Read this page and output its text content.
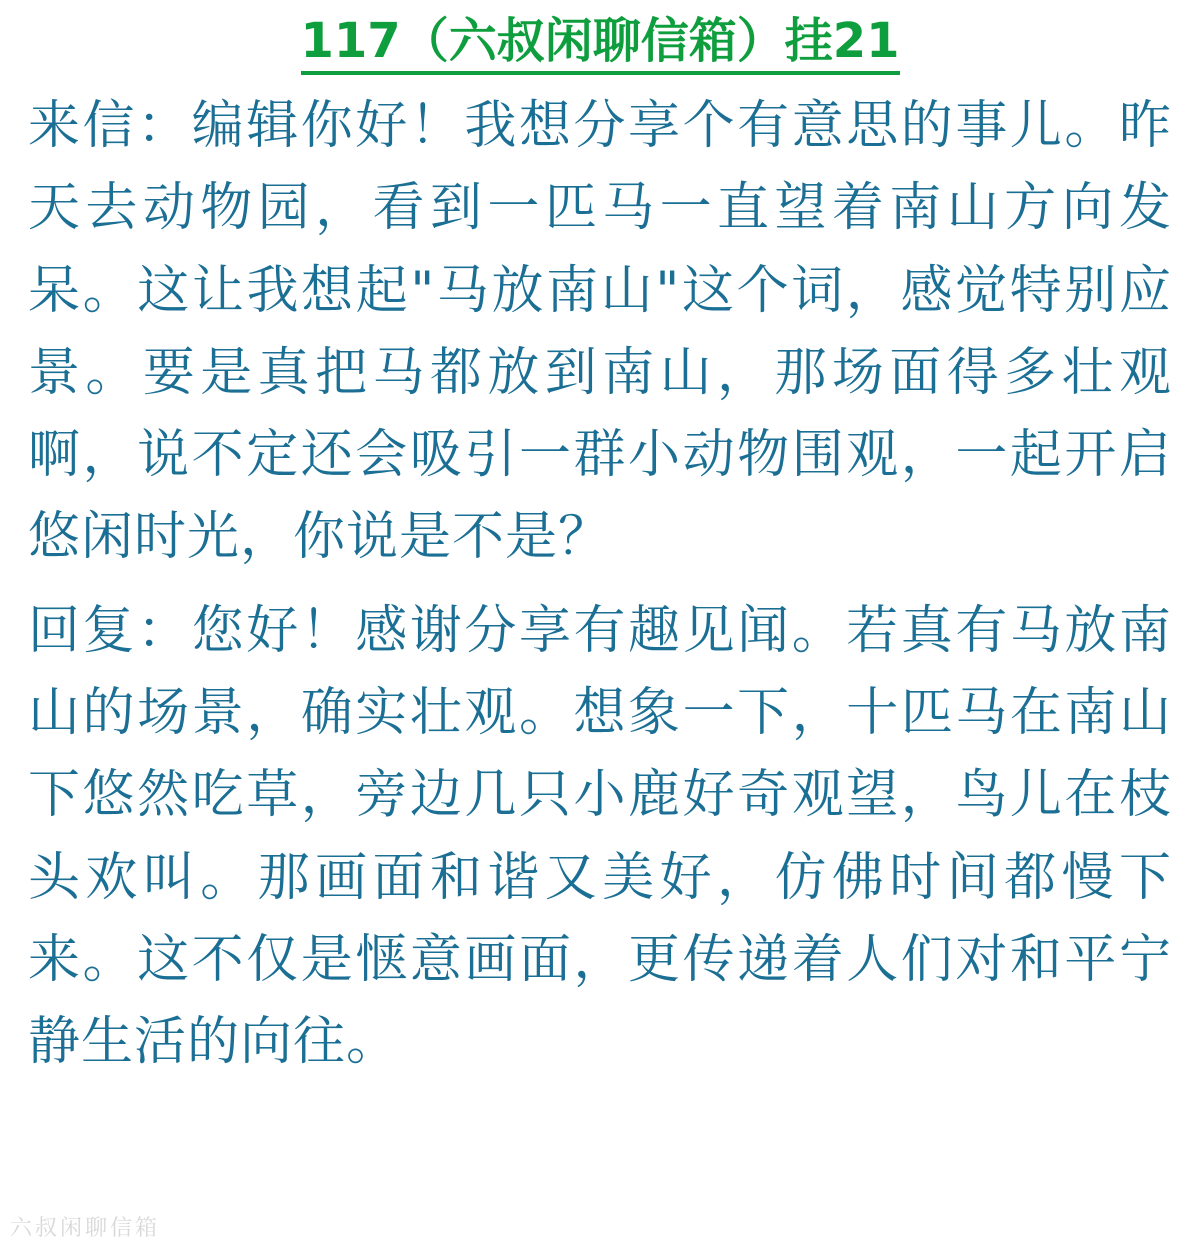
117（六叔闲聊信箱）挂21

来信：编辑你好！我想分享个有意思的事儿。昨天去动物园，看到一匹马一直望着南山方向发呆。这让我想起"马放南山"这个词，感觉特别应景。要是真把马都放到南山，那场面得多壮观啊，说不定还会吸引一群小动物围观，一起开启悠闲时光，你说是不是？

回复：您好！感谢分享有趣见闻。若真有马放南山的场景，确实壮观。想象一下，十匹马在南山下悠然吃草，旁边几只小鹿好奇观望，鸟儿在枝头欢叫。那画面和谐又美好，仿佛时间都慢下来。这不仅是惬意画面，更传递着人们对和平宁静生活的向往。

六叔闲聊信箱
